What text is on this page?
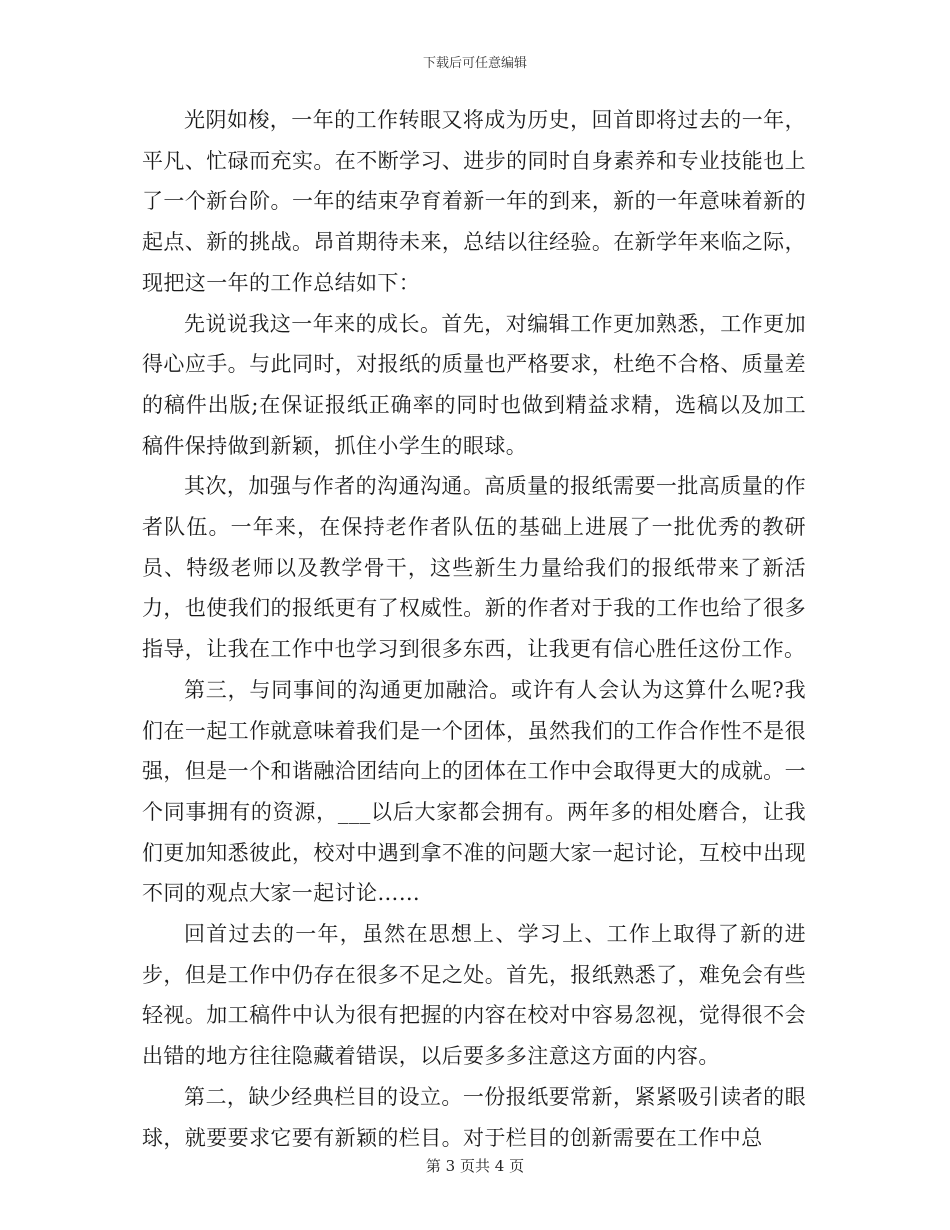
下载后可任意编辑

光阴如梭，一年的工作转眼又将成为历史，回首即将过去的一年，平凡、忙碌而充实。在不断学习、进步的同时自身素养和专业技能也上了一个新台阶。一年的结束孕育着新一年的到来，新的一年意味着新的起点、新的挑战。昂首期待未来，总结以往经验。在新学年来临之际，现把这一年的工作总结如下：

先说说我这一年来的成长。首先，对编辑工作更加熟悉，工作更加得心应手。与此同时，对报纸的质量也严格要求，杜绝不合格、质量差的稿件出版;在保证报纸正确率的同时也做到精益求精，选稿以及加工稿件保持做到新颖，抓住小学生的眼球。

其次，加强与作者的沟通沟通。高质量的报纸需要一批高质量的作者队伍。一年来，在保持老作者队伍的基础上进展了一批优秀的教研员、特级老师以及教学骨干，这些新生力量给我们的报纸带来了新活力，也使我们的报纸更有了权威性。新的作者对于我的工作也给了很多指导，让我在工作中也学习到很多东西，让我更有信心胜任这份工作。

第三，与同事间的沟通更加融洽。或许有人会认为这算什么呢?我们在一起工作就意味着我们是一个团体，虽然我们的工作合作性不是很强，但是一个和谐融洽团结向上的团体在工作中会取得更大的成就。一个同事拥有的资源，___以后大家都会拥有。两年多的相处磨合，让我们更加知悉彼此，校对中遇到拿不准的问题大家一起讨论，互校中出现不同的观点大家一起讨论……

回首过去的一年，虽然在思想上、学习上、工作上取得了新的进步，但是工作中仍存在很多不足之处。首先，报纸熟悉了，难免会有些轻视。加工稿件中认为很有把握的内容在校对中容易忽视，觉得很不会出错的地方往往隐藏着错误，以后要多多注意这方面的内容。

第二，缺少经典栏目的设立。一份报纸要常新，紧紧吸引读者的眼球，就要要求它要有新颖的栏目。对于栏目的创新需要在工作中总

第 3 页共 4 页
